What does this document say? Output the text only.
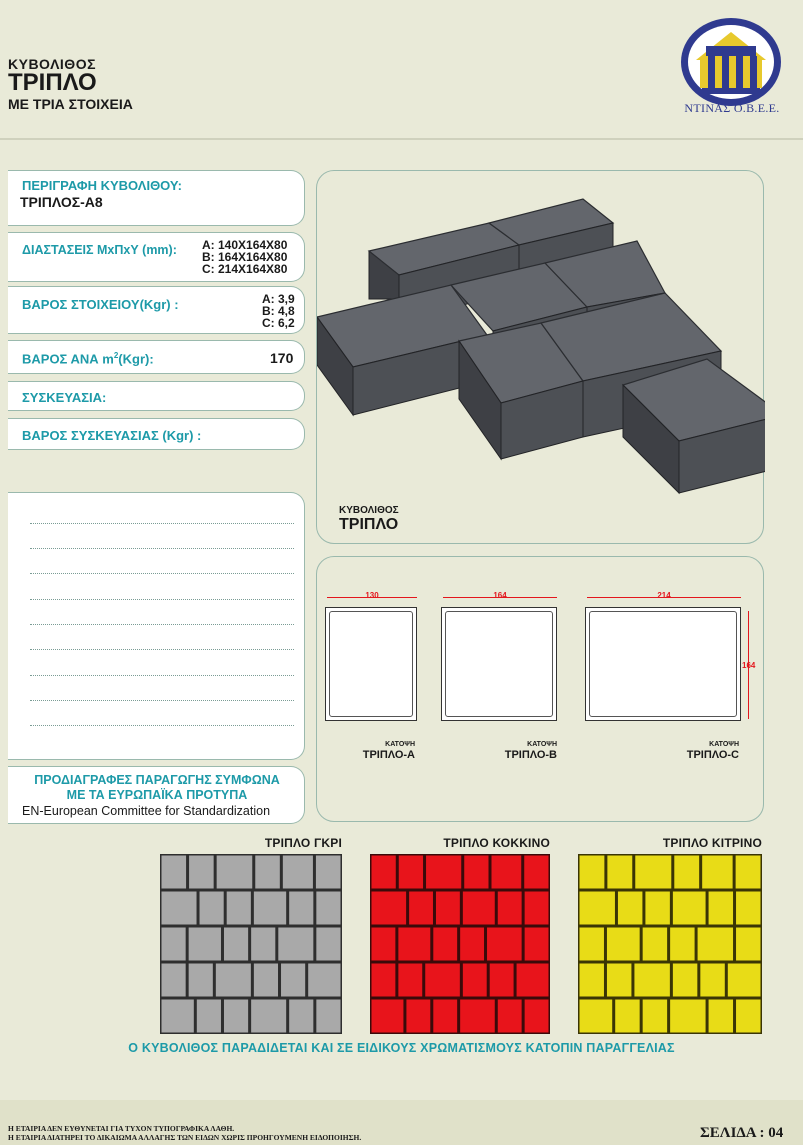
ΚΥΒΟΛΙΘΟΣ
ΤΡΙΠΛΟ
ΜΕ ΤΡΙΑ ΣΤΟΙΧΕΙΑ	ΝΤΙΝΑΣ Ο.Β.Ε.Ε.
ΠΕΡΙΓΡΑΦΗ ΚΥΒΟΛΙΘΟΥ:
ΤΡΙΠΛΟΣ-Α8
ΔΙΑΣΤΑΣΕΙΣ ΜxΠxΥ (mm): A: 140X164X80
B: 164X164X80
C: 214X164X80
ΒΑΡΟΣ ΣΤΟΙΧΕΙΟΥ(Kgr) :	A: 3,9
B: 4,8
C: 6,2
ΒΑΡΟΣ ΑΝΑ $m^2(Kgr)$:	170
ΣΥΣΚΕΥΑΣΙΑ:
ΒΑΡΟΣ ΣΥΣΚΕΥΑΣΙΑΣ (Kgr) :
ΠΡΟΔΙΑΓΡΑΦΕΣ ΠΑΡΑΓΩΓΗΣ ΣΥΜΦΩΝΑ
ΜΕ ΤΑ ΕΥΡΩΠΑΪΚΑ ΠΡΟΤΥΠΑ
EN-European Committee for Standardization
ΚΥΒΟΛΙΘΟΣ
ΤΡΙΠΛΟ
130
ΚΑΤΟΨΗ
ΤΡΙΠΛΟ-Α
164
ΚΑΤΟΨΗ
ΤΡΙΠΛΟ-Β
214
164
ΚΑΤΟΨΗ
ΤΡΙΠΛΟ-C
ΤΡΙΠΛΟ ΓΚΡΙ	ΤΡΙΠΛΟ ΚΟΚΚΙΝΟ	ΤΡΙΠΛΟ ΚΙΤΡΙΝΟ
Ο ΚΥΒΟΛΙΘΟΣ ΠΑΡΑΔΙΔΕΤΑΙ ΚΑΙ ΣΕ ΕΙΔΙΚΟΥΣ ΧΡΩΜΑΤΙΣΜΟΥΣ ΚΑΤΟΠΙΝ ΠΑΡΑΓΓΕΛΙΑΣ
Η ΕΤΑΙΡΙΑ ΔΕΝ ΕΥΘΥΝΕΤΑΙ ΓΙΑ ΤΥΧΟΝ ΤΥΠΟΓΡΑΦΙΚΑ ΛΑΘΗ.
Η ΕΤΑΙΡΙΑ ΔΙΑΤΗΡΕΙ ΤΟ ΔΙΚΑΙΩΜΑ ΑΛΛΑΓΗΣ ΤΩΝ ΕΙΔΩΝ ΧΩΡΙΣ ΠΡΟΗΓΟΥΜΕΝΗ ΕΙΔΟΠΟΙΗΣΗ.	ΣΕΛΙΔΑ : 04
